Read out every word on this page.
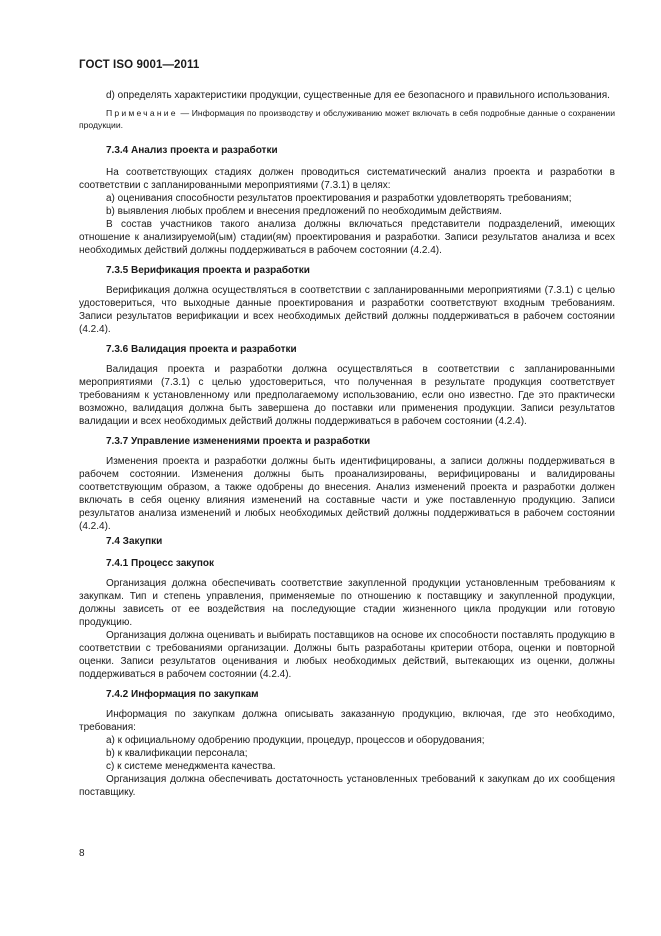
ГОСТ ISO 9001—2011

d) определять характеристики продукции, существенные для ее безопасного и правильного использования.

Примечание — Информация по производству и обслуживанию может включать в себя подробные данные о сохранении продукции.

7.3.4 Анализ проекта и разработки

На соответствующих стадиях должен проводиться систематический анализ проекта и разработки в соответствии с запланированными мероприятиями (7.3.1) в целях:

a) оценивания способности результатов проектирования и разработки удовлетворять требованиям;

b) выявления любых проблем и внесения предложений по необходимым действиям.

В состав участников такого анализа должны включаться представители подразделений, имеющих отношение к анализируемой(ым) стадии(ям) проектирования и разработки. Записи результатов анализа и всех необходимых действий должны поддерживаться в рабочем состоянии (4.2.4).

7.3.5 Верификация проекта и разработки

Верификация должна осуществляться в соответствии с запланированными мероприятиями (7.3.1) с целью удостовериться, что выходные данные проектирования и разработки соответствуют входным требованиям. Записи результатов верификации и всех необходимых действий должны поддерживаться в рабочем состоянии (4.2.4).

7.3.6 Валидация проекта и разработки

Валидация проекта и разработки должна осуществляться в соответствии с запланированными мероприятиями (7.3.1) с целью удостовериться, что полученная в результате продукция соответствует требованиям к установленному или предполагаемому использованию, если оно известно. Где это практически возможно, валидация должна быть завершена до поставки или применения продукции. Записи результатов валидации и всех необходимых действий должны поддерживаться в рабочем состоянии (4.2.4).

7.3.7 Управление изменениями проекта и разработки

Изменения проекта и разработки должны быть идентифицированы, а записи должны поддерживаться в рабочем состоянии. Изменения должны быть проанализированы, верифицированы и валидированы соответствующим образом, а также одобрены до внесения. Анализ изменений проекта и разработки должен включать в себя оценку влияния изменений на составные части и уже поставленную продукцию. Записи результатов анализа изменений и любых необходимых действий должны поддерживаться в рабочем состоянии (4.2.4).

7.4 Закупки

7.4.1 Процесс закупок

Организация должна обеспечивать соответствие закупленной продукции установленным требованиям к закупкам. Тип и степень управления, применяемые по отношению к поставщику и закупленной продукции, должны зависеть от ее воздействия на последующие стадии жизненного цикла продукции или готовую продукцию.

Организация должна оценивать и выбирать поставщиков на основе их способности поставлять продукцию в соответствии с требованиями организации. Должны быть разработаны критерии отбора, оценки и повторной оценки. Записи результатов оценивания и любых необходимых действий, вытекающих из оценки, должны поддерживаться в рабочем состоянии (4.2.4).

7.4.2 Информация по закупкам

Информация по закупкам должна описывать заказанную продукцию, включая, где это необходимо, требования:

a) к официальному одобрению продукции, процедур, процессов и оборудования;

b) к квалификации персонала;

c) к системе менеджмента качества.

Организация должна обеспечивать достаточность установленных требований к закупкам до их сообщения поставщику.

8
